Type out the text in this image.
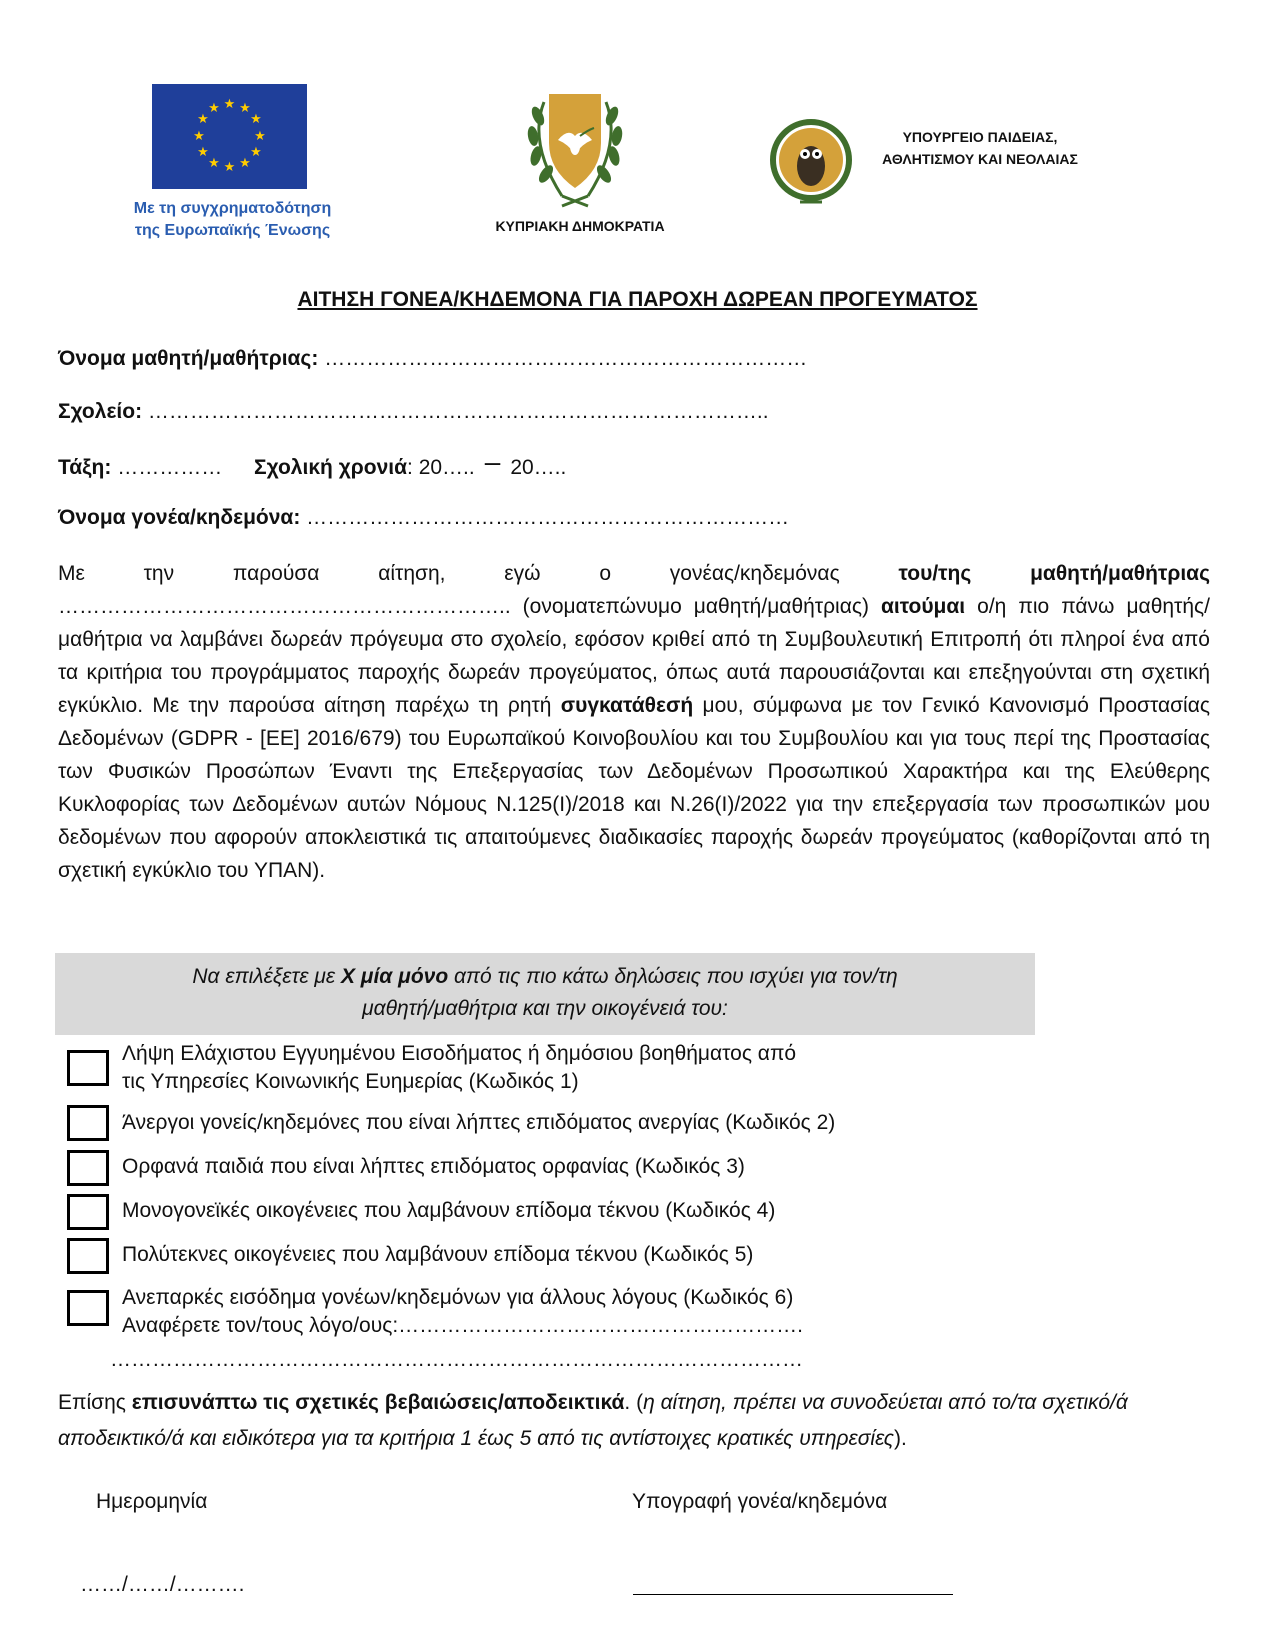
★ ★
★
★
★
★
★
★
★
★
★
★
Με τη συγχρηματοδότηση
της Ευρωπαϊκής Ένωσης	ΚΥΠΡΙΑΚΗ ΔΗΜΟΚΡΑΤΙΑ
ΥΠΟΥΡΓΕΙΟ ΠΑΙΔΕΙΑΣ,
ΑΘΛΗΤΙΣΜΟΥ ΚΑΙ ΝΕΟΛΑΙΑΣ
ΑΙΤΗΣΗ ΓΟΝΕΑ/ΚΗΔΕΜΟΝΑ ΓΙΑ ΠΑΡΟΧΗ ΔΩΡΕΑΝ ΠΡΟΓΕΥΜΑΤΟΣ
Όνομα μαθητή/μαθήτριας: ……………………………………………………………
Σχολείο: ……………………………………………………………………………..
Τάξη: …………… Σχολική χρονιά: 20….. – 20…..
Όνομα γονέα/κηδεμόνα: ……………………………………………………………
Με την παρούσα αίτηση, εγώ ο γονέας/κηδεμόνας του/της μαθητή/μαθήτριας ……………………………………………………….. (ονοματεπώνυμο μαθητή/μαθήτριας) αιτούμαι ο/η πιο πάνω μαθητής/μαθήτρια να λαμβάνει δωρεάν πρόγευμα στο σχολείο, εφόσον κριθεί από τη Συμβουλευτική Επιτροπή ότι πληροί ένα από τα κριτήρια του προγράμματος παροχής δωρεάν προγεύματος, όπως αυτά παρουσιάζονται και επεξηγούνται στη σχετική εγκύκλιο. Με την παρούσα αίτηση παρέχω τη ρητή συγκατάθεσή μου, σύμφωνα με τον Γενικό Κανονισμό Προστασίας Δεδομένων (GDPR - [ΕΕ] 2016/679) του Ευρωπαϊκού Κοινοβουλίου και του Συμβουλίου και για τους περί της Προστασίας των Φυσικών Προσώπων Έναντι της Επεξεργασίας των Δεδομένων Προσωπικού Χαρακτήρα και της Ελεύθερης Κυκλοφορίας των Δεδομένων αυτών Νόμους Ν.125(Ι)/2018 και Ν.26(Ι)/2022 για την επεξεργασία των προσωπικών μου δεδομένων που αφορούν αποκλειστικά τις απαιτούμενες διαδικασίες παροχής δωρεάν προγεύματος (καθορίζονται από τη σχετική εγκύκλιο του ΥΠΑΝ).
Να επιλέξετε με Χ μία μόνο από τις πιο κάτω δηλώσεις που ισχύει για τον/τη
μαθητή/μαθήτρια και την οικογένειά του:
Λήψη Ελάχιστου Εγγυημένου Εισοδήματος ή δημόσιου βοηθήματος από
τις Υπηρεσίες Κοινωνικής Ευημερίας (Κωδικός 1)
Άνεργοι γονείς/κηδεμόνες που είναι λήπτες επιδόματος ανεργίας (Κωδικός 2)
Ορφανά παιδιά που είναι λήπτες επιδόματος ορφανίας (Κωδικός 3)
Μονογονεϊκές οικογένειες που λαμβάνουν επίδομα τέκνου (Κωδικός 4)
Πολύτεκνες οικογένειες που λαμβάνουν επίδομα τέκνου (Κωδικός 5)
Ανεπαρκές εισόδημα γονέων/κηδεμόνων για άλλους λόγους (Κωδικός 6)
Αναφέρετε τον/τους λόγο/ους:………………………………………………….
………………………………………………………………………………………
Επίσης επισυνάπτω τις σχετικές βεβαιώσεις/αποδεικτικά. (η αίτηση, πρέπει να συνοδεύεται από το/τα σχετικό/ά αποδεικτικό/ά και ειδικότερα για τα κριτήρια 1 έως 5 από τις αντίστοιχες κρατικές υπηρεσίες).
Ημερομηνία	Υπογραφή γονέα/κηδεμόνα
……/……/……….
